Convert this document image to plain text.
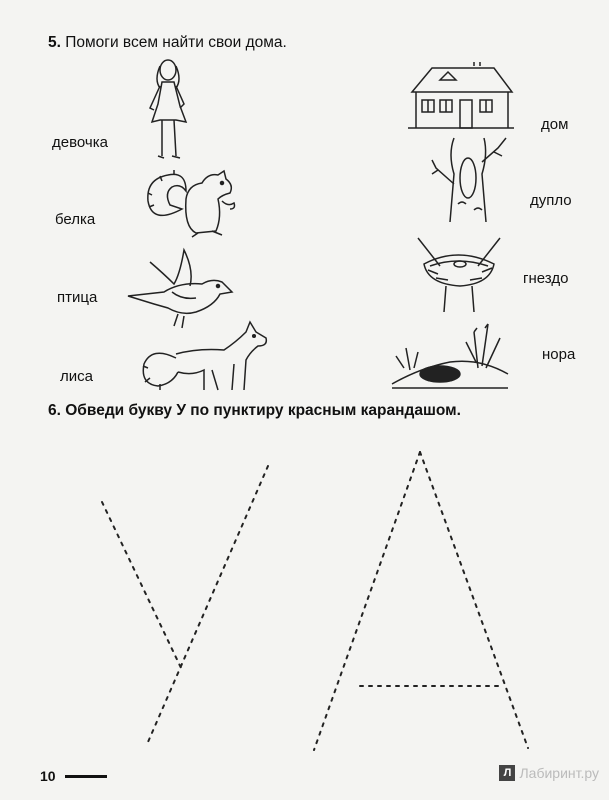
5. Помоги всем найти свои дома.
девочка
белка
птица
лиса
дом
дупло
гнездо
нора
6. Обведи букву У по пунктиру красным карандашом.
10	Л Лабиринт.ру
